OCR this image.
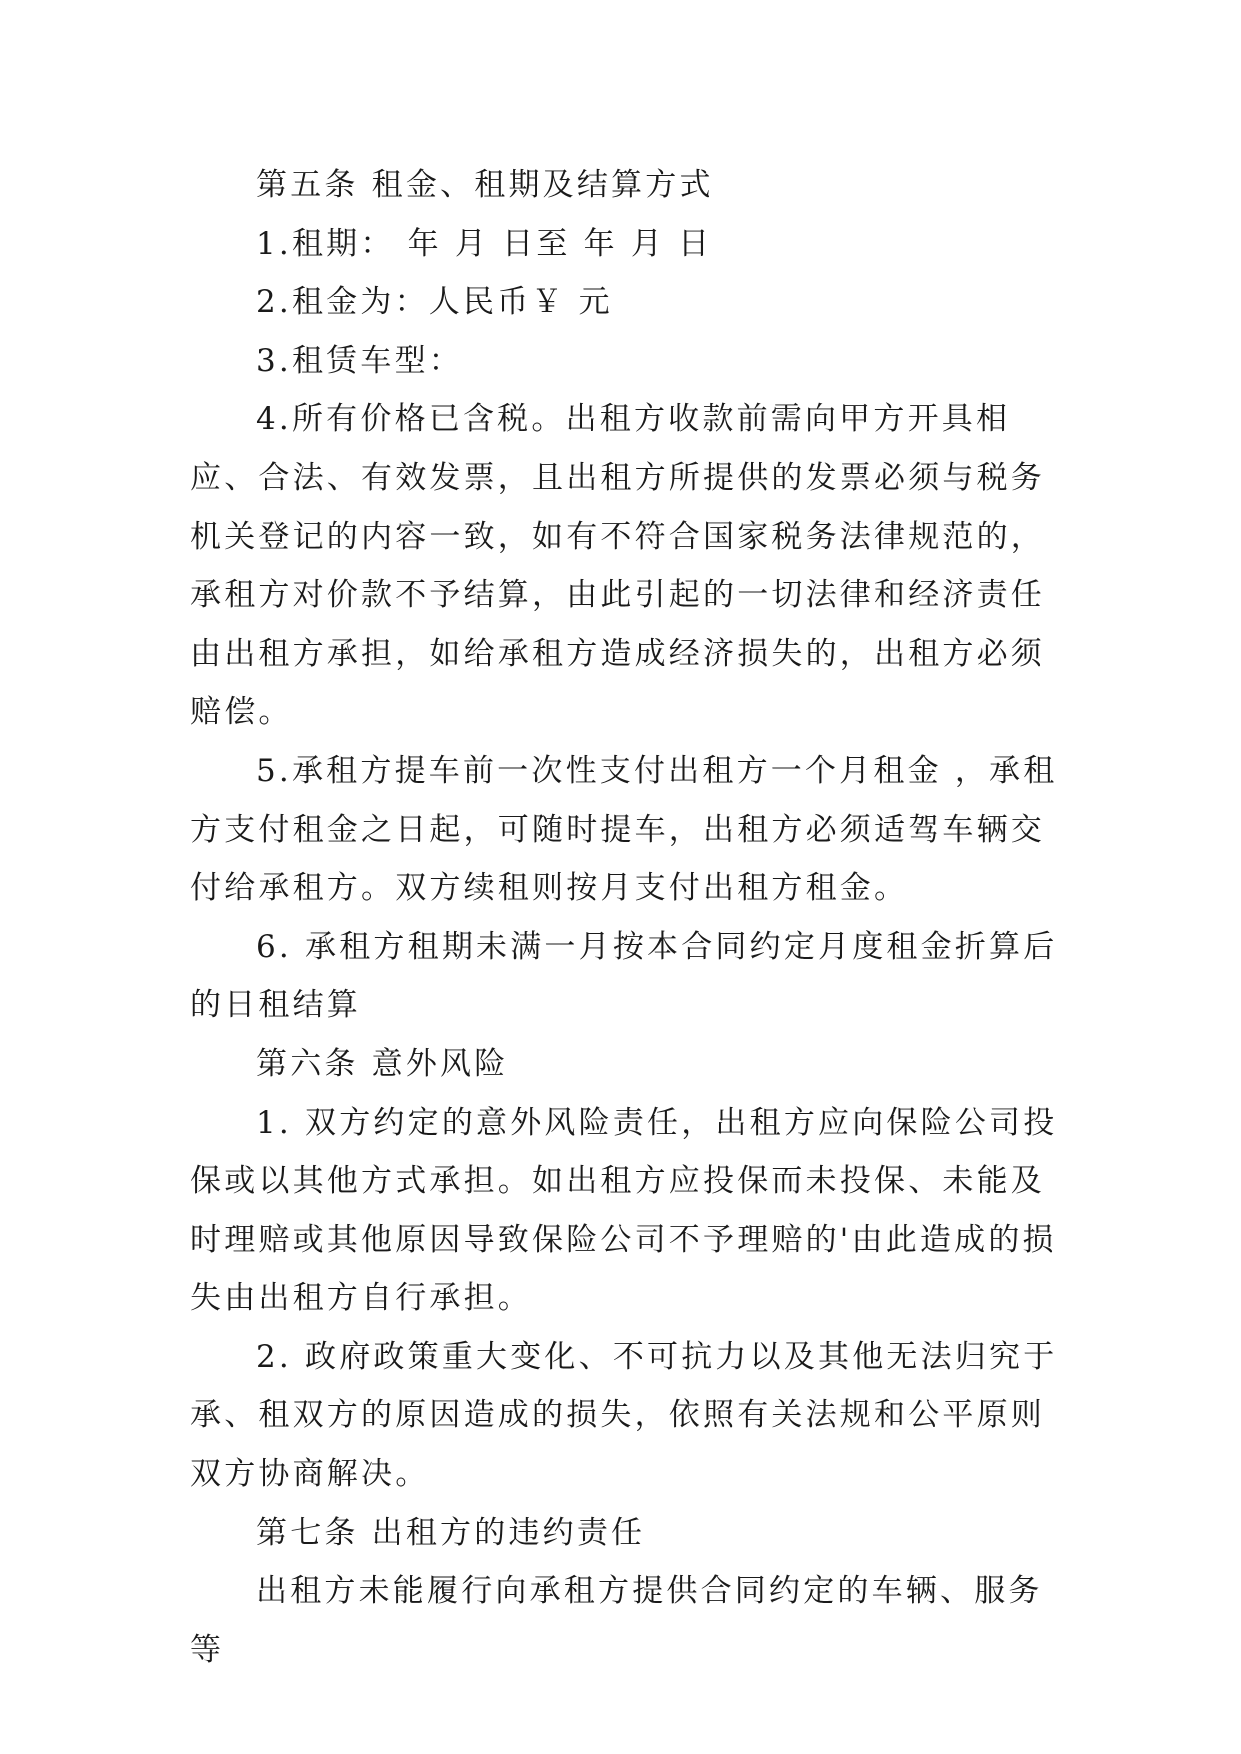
第五条 租金、租期及结算方式

1.租期： 年 月 日至 年 月 日

2.租金为：人民币￥ 元

3.租赁车型：

4.所有价格已含税。出租方收款前需向甲方开具相应、合法、有效发票，且出租方所提供的发票必须与税务机关登记的内容一致，如有不符合国家税务法律规范的，承租方对价款不予结算，由此引起的一切法律和经济责任由出租方承担，如给承租方造成经济损失的，出租方必须赔偿。

5.承租方提车前一次性支付出租方一个月租金 ，承租方支付租金之日起，可随时提车，出租方必须适驾车辆交付给承租方。双方续租则按月支付出租方租金。

6. 承租方租期未满一月按本合同约定月度租金折算后的日租结算

第六条 意外风险

1. 双方约定的意外风险责任，出租方应向保险公司投保或以其他方式承担。如出租方应投保而未投保、未能及时理赔或其他原因导致保险公司不予理赔的'由此造成的损失由出租方自行承担。

2. 政府政策重大变化、不可抗力以及其他无法归究于承、租双方的原因造成的损失，依照有关法规和公平原则双方协商解决。

第七条 出租方的违约责任

出租方未能履行向承租方提供合同约定的车辆、服务等
